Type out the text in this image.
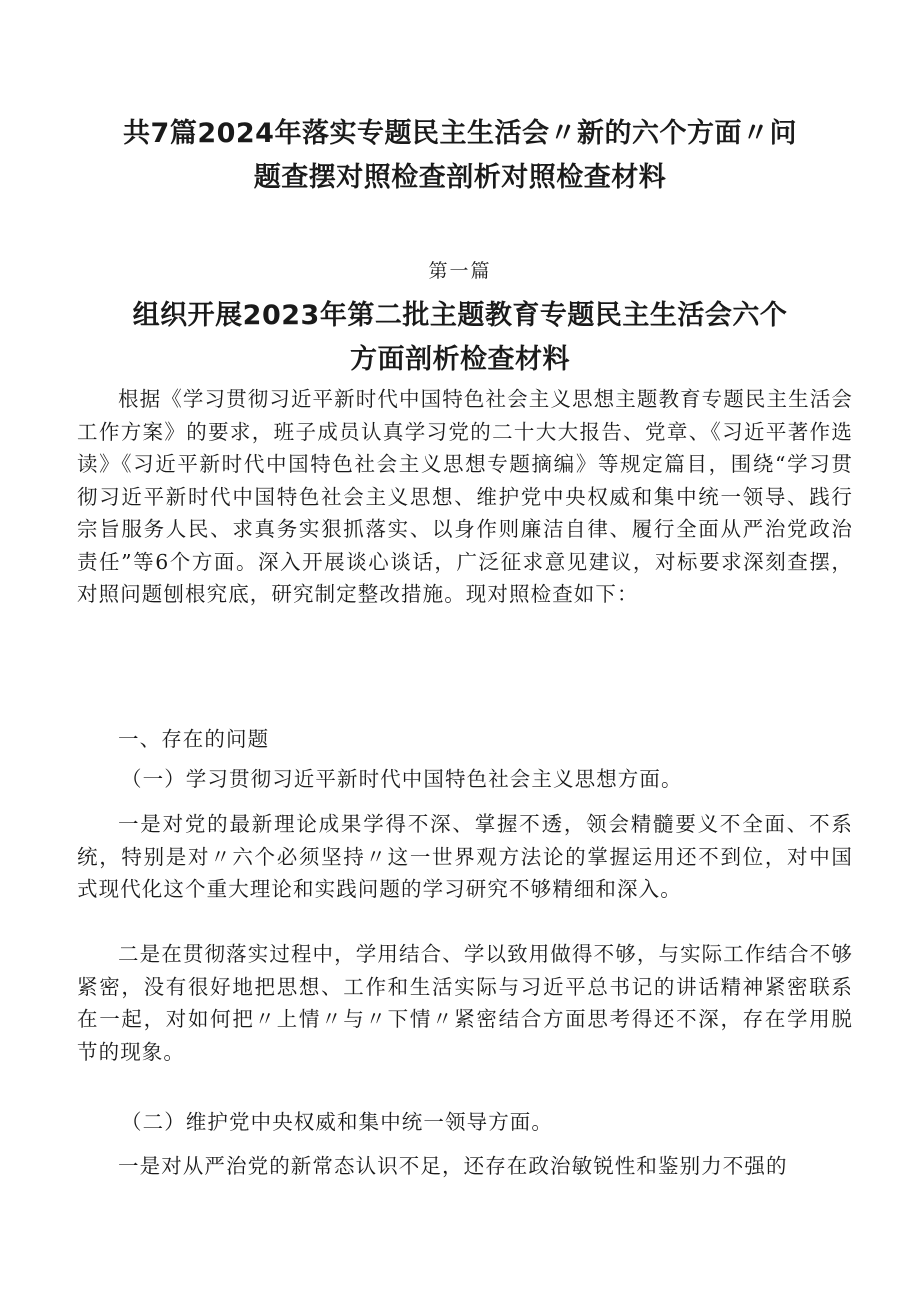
共7篇2024年落实专题民主生活会〃新的六个方面〃问
题查摆对照检查剖析对照检查材料
第一篇
组织开展2023年第二批主题教育专题民主生活会六个
方面剖析检查材料

根据《学习贯彻习近平新时代中国特色社会主义思想主题教育专题民主生活会工作方案》的要求，班子成员认真学习党的二十大大报告、党章、《习近平著作选读》《习近平新时代中国特色社会主义思想专题摘编》等规定篇目，围绕“学习贯彻习近平新时代中国特色社会主义思想、维护党中央权威和集中统一领导、践行宗旨服务人民、求真务实狠抓落实、以身作则廉洁自律、履行全面从严治党政治责任”等6个方面。深入开展谈心谈话，广泛征求意见建议，对标要求深刻查摆，对照问题刨根究底，研究制定整改措施。现对照检查如下：

一、存在的问题

（一）学习贯彻习近平新时代中国特色社会主义思想方面。

一是对党的最新理论成果学得不深、掌握不透，领会精髓要义不全面、不系统，特别是对〃六个必须坚持〃这一世界观方法论的掌握运用还不到位，对中国式现代化这个重大理论和实践问题的学习研究不够精细和深入。

二是在贯彻落实过程中，学用结合、学以致用做得不够，与实际工作结合不够紧密，没有很好地把思想、工作和生活实际与习近平总书记的讲话精神紧密联系在一起，对如何把〃上情〃与〃下情〃紧密结合方面思考得还不深，存在学用脱节的现象。

（二）维护党中央权威和集中统一领导方面。

一是对从严治党的新常态认识不足，还存在政治敏锐性和鉴别力不强的
